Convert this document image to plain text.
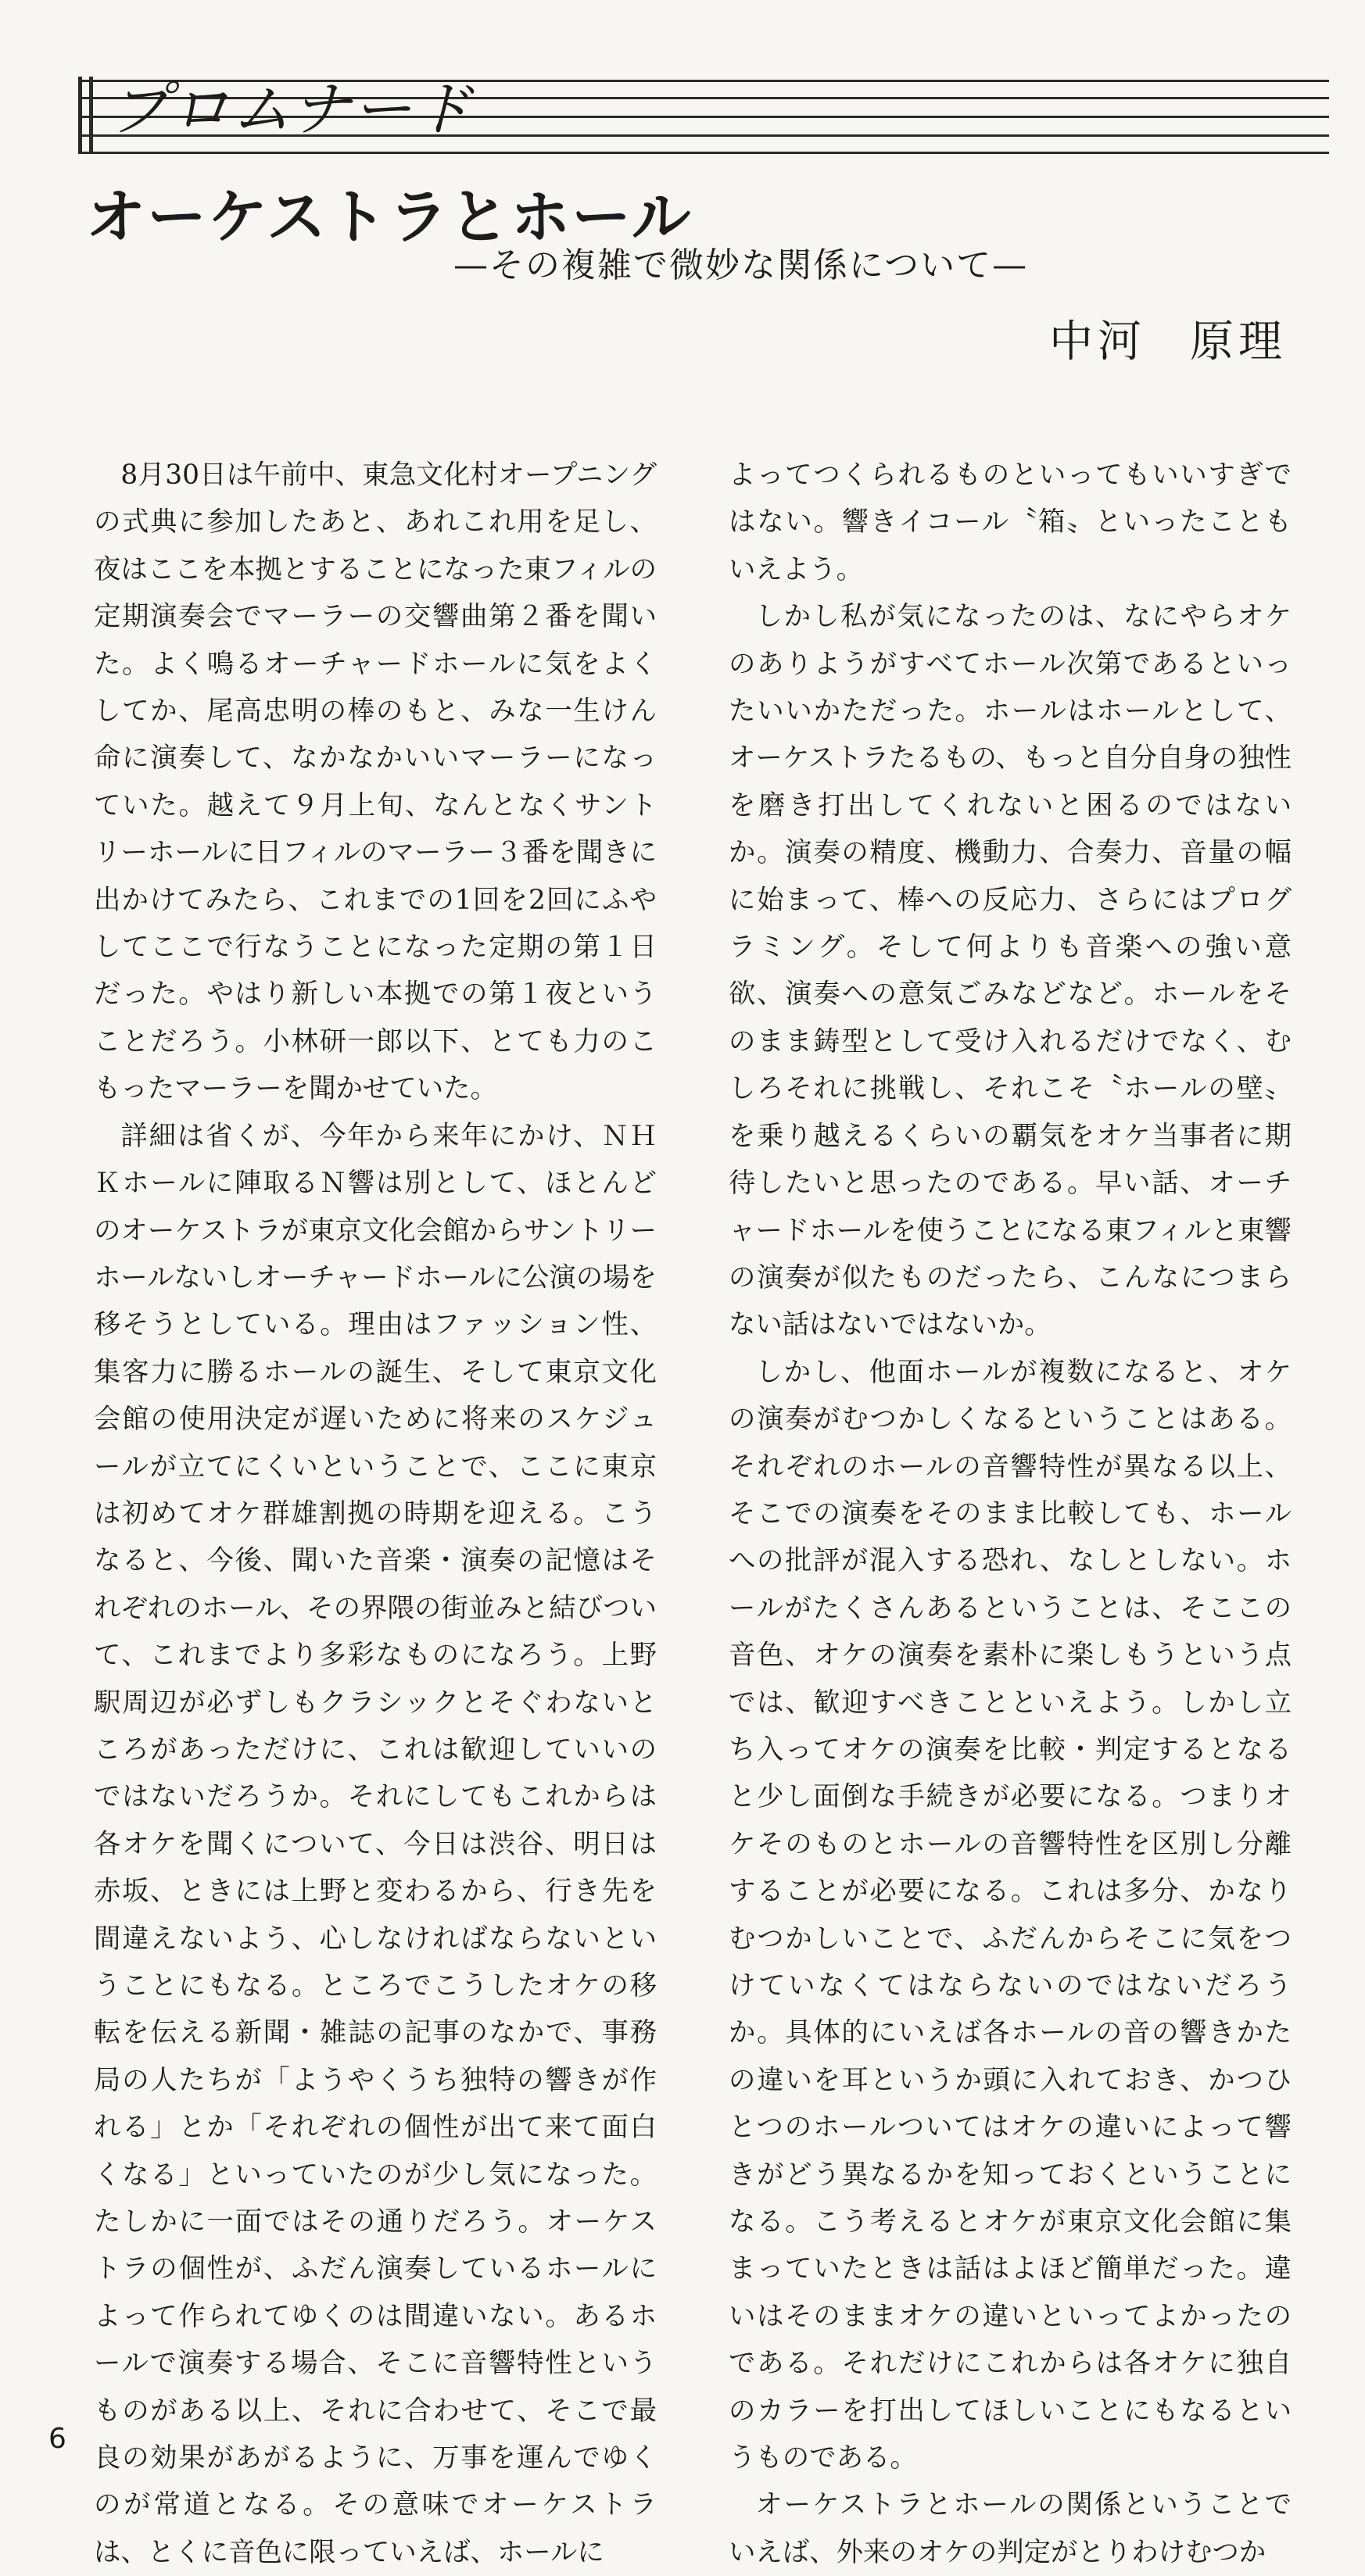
プロムナード
オーケストラとホール
—その複雑で微妙な関係について—
中河 原理

8月30日は午前中、東急文化村オープニングの式典に参加したあと、あれこれ用を足し、夜はここを本拠とすることになった東フィルの定期演奏会でマーラーの交響曲第２番を聞いた。よく鳴るオーチャードホールに気をよくしてか、尾高忠明の棒のもと、みな一生けん命に演奏して、なかなかいいマーラーになっていた。越えて９月上旬、なんとなくサントリーホールに日フィルのマーラー３番を聞きに出かけてみたら、これまでの1回を2回にふやしてここで行なうことになった定期の第１日だった。やはり新しい本拠での第１夜ということだろう。小林研一郎以下、とても力のこもったマーラーを聞かせていた。

詳細は省くが、今年から来年にかけ、ＮＨＫホールに陣取るＮ響は別として、ほとんどのオーケストラが東京文化会館からサントリーホールないしオーチャードホールに公演の場を移そうとしている。理由はファッション性、集客力に勝るホールの誕生、そして東京文化会館の使用決定が遅いために将来のスケジュールが立てにくいということで、ここに東京は初めてオケ群雄割拠の時期を迎える。こうなると、今後、聞いた音楽・演奏の記憶はそれぞれのホール、その界隈の街並みと結びついて、これまでより多彩なものになろう。上野駅周辺が必ずしもクラシックとそぐわないところがあっただけに、これは歓迎していいのではないだろうか。それにしてもこれからは各オケを聞くについて、今日は渋谷、明日は赤坂、ときには上野と変わるから、行き先を間違えないよう、心しなければならないということにもなる。ところでこうしたオケの移転を伝える新聞・雑誌の記事のなかで、事務局の人たちが「ようやくうち独特の響きが作れる」とか「それぞれの個性が出て来て面白くなる」といっていたのが少し気になった。たしかに一面ではその通りだろう。オーケストラの個性が、ふだん演奏しているホールによって作られてゆくのは間違いない。あるホールで演奏する場合、そこに音響特性というものがある以上、それに合わせて、そこで最良の効果があがるように、万事を運んでゆくのが常道となる。その意味でオーケストラは、とくに音色に限っていえば、ホールに

よってつくられるものといってもいいすぎではない。響きイコール〝箱〟といったこともいえよう。

しかし私が気になったのは、なにやらオケのありようがすべてホール次第であるといったいいかただった。ホールはホールとして、オーケストラたるもの、もっと自分自身の独性を磨き打出してくれないと困るのではないか。演奏の精度、機動力、合奏力、音量の幅に始まって、棒への反応力、さらにはプログラミング。そして何よりも音楽への強い意欲、演奏への意気ごみなどなど。ホールをそのまま鋳型として受け入れるだけでなく、むしろそれに挑戦し、それこそ〝ホールの壁〟を乗り越えるくらいの覇気をオケ当事者に期待したいと思ったのである。早い話、オーチャードホールを使うことになる東フィルと東響の演奏が似たものだったら、こんなにつまらない話はないではないか。

しかし、他面ホールが複数になると、オケの演奏がむつかしくなるということはある。それぞれのホールの音響特性が異なる以上、そこでの演奏をそのまま比較しても、ホールへの批評が混入する恐れ、なしとしない。ホールがたくさんあるということは、そここの音色、オケの演奏を素朴に楽しもうという点では、歓迎すべきことといえよう。しかし立ち入ってオケの演奏を比較・判定するとなると少し面倒な手続きが必要になる。つまりオケそのものとホールの音響特性を区別し分離することが必要になる。これは多分、かなりむつかしいことで、ふだんからそこに気をつけていなくてはならないのではないだろうか。具体的にいえば各ホールの音の響きかたの違いを耳というか頭に入れておき、かつひとつのホールついてはオケの違いによって響きがどう異なるかを知っておくということになる。こう考えるとオケが東京文化会館に集まっていたときは話はよほど簡単だった。違いはそのままオケの違いといってよかったのである。それだけにこれからは各オケに独自のカラーを打出してほしいことにもなるというものである。

オーケストラとホールの関係ということでいえば、外来のオケの判定がとりわけむつか

6
